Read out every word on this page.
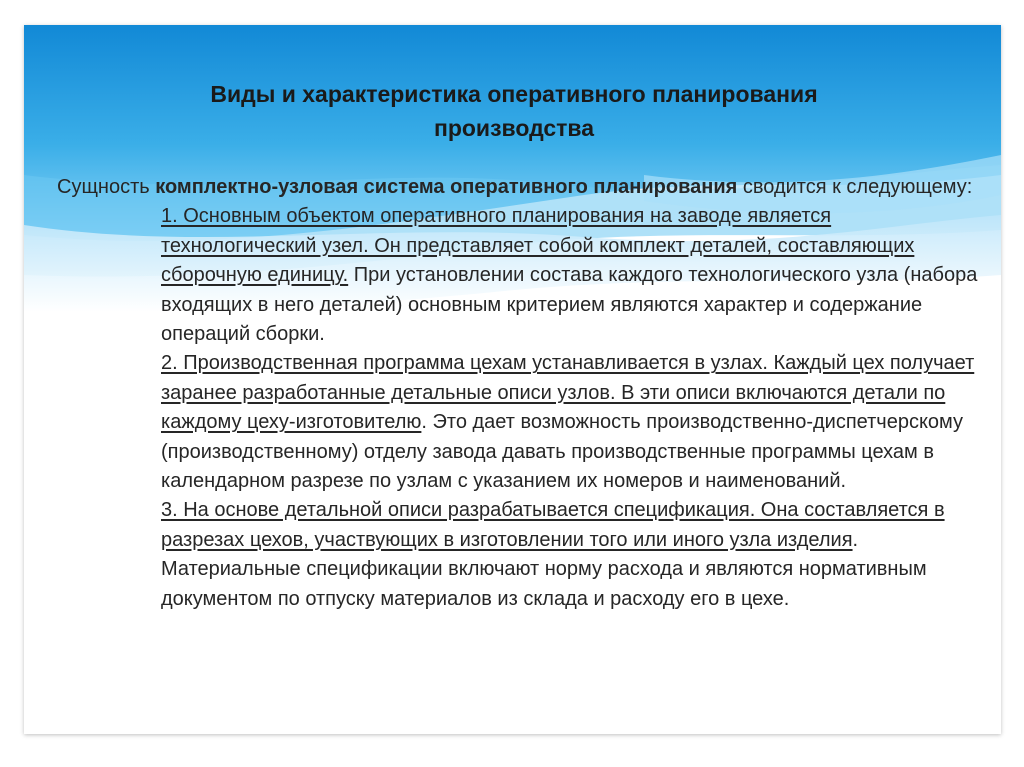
Виды и характеристика оперативного планирования
производства

Сущность комплектно-узловая система оперативного планирования сводится к следующему:

1. Основным объектом оперативного планирования на заводе является технологический узел. Он представляет собой комплект деталей, составляющих сборочную единицу. При установлении состава каждого технологического узла (набора входящих в него деталей) основным критерием являются характер и содержание операций сборки.

2. Производственная программа цехам устанавливается в узлах. Каждый цех получает заранее разработанные детальные описи узлов. В эти описи включаются детали по каждому цеху-изготовителю. Это дает возможность производственно-диспетчерскому (производственному) отделу завода давать производственные программы цехам в календарном разрезе по узлам с указанием их номеров и наименований.

3. На основе детальной описи разрабатывается спецификация. Она составляется в разрезах цехов, участвующих в изготовлении того или иного узла изделия. Материальные спецификации включают норму расхода и являются нормативным документом по отпуску материалов из склада и расходу его в цехе.
